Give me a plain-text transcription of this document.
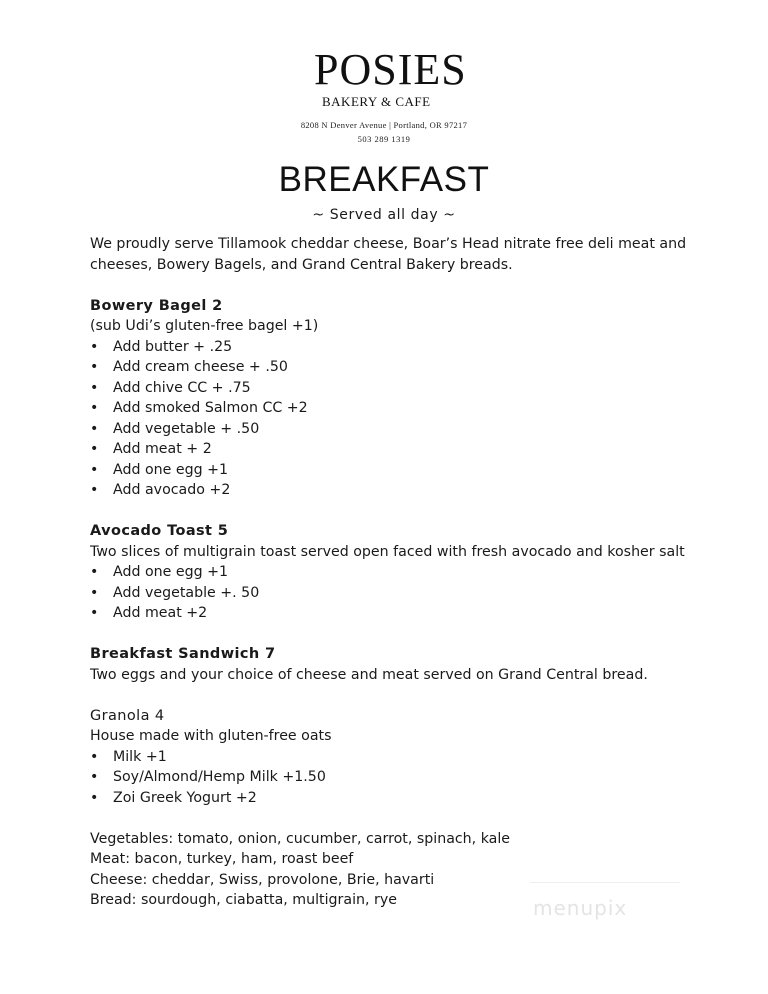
POSIES
BAKERY & CAFE
8208 N Denver Avenue | Portland, OR 97217
503 289 1319
BREAKFAST
~ Served all day ~

We proudly serve Tillamook cheddar cheese, Boar’s Head nitrate free deli meat and cheeses, Bowery Bagels, and Grand Central Bakery breads.

Bowery Bagel 2

(sub Udi’s gluten-free bagel +1)

• Add butter + .25
• Add cream cheese + .50
• Add chive CC + .75
• Add smoked Salmon CC +2
• Add vegetable + .50
• Add meat + 2
• Add one egg +1
• Add avocado +2
Avocado Toast 5

Two slices of multigrain toast served open faced with fresh avocado and kosher salt

• Add one egg +1
• Add vegetable +. 50
• Add meat +2
Breakfast Sandwich 7

Two eggs and your choice of cheese and meat served on Grand Central bread.

Granola 4

House made with gluten-free oats

• Milk +1
• Soy/Almond/Hemp Milk +1.50
• Zoi Greek Yogurt +2

Vegetables: tomato, onion, cucumber, carrot, spinach, kale

Meat: bacon, turkey, ham, roast beef

Cheese: cheddar, Swiss, provolone, Brie, havarti

Bread: sourdough, ciabatta, multigrain, rye	menupix
